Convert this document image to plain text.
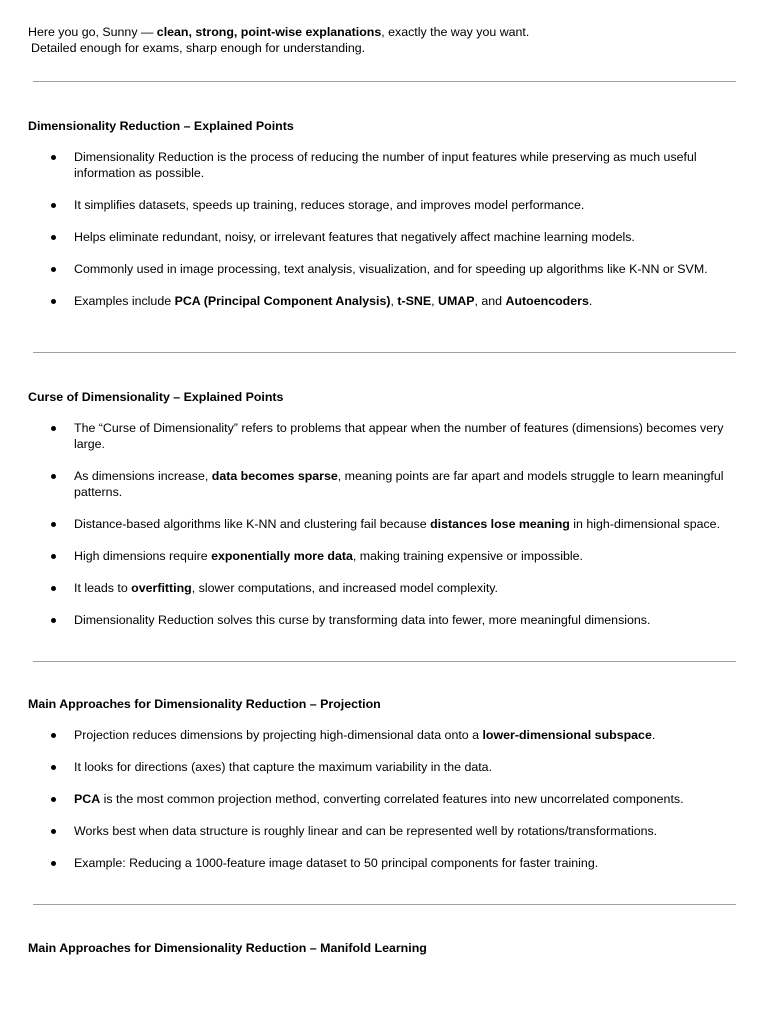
Here you go, Sunny — clean, strong, point-wise explanations, exactly the way you want.

Detailed enough for exams, sharp enough for understanding.

Dimensionality Reduction – Explained Points

Dimensionality Reduction is the process of reducing the number of input features while preserving as much useful information as possible.
It simplifies datasets, speeds up training, reduces storage, and improves model performance.
Helps eliminate redundant, noisy, or irrelevant features that negatively affect machine learning models.
Commonly used in image processing, text analysis, visualization, and for speeding up algorithms like K-NN or SVM.
Examples include PCA (Principal Component Analysis), t-SNE, UMAP, and Autoencoders.

Curse of Dimensionality – Explained Points

The “Curse of Dimensionality” refers to problems that appear when the number of features (dimensions) becomes very large.
As dimensions increase, data becomes sparse, meaning points are far apart and models struggle to learn meaningful patterns.
Distance-based algorithms like K-NN and clustering fail because distances lose meaning in high-dimensional space.
High dimensions require exponentially more data, making training expensive or impossible.
It leads to overfitting, slower computations, and increased model complexity.
Dimensionality Reduction solves this curse by transforming data into fewer, more meaningful dimensions.

Main Approaches for Dimensionality Reduction – Projection

Projection reduces dimensions by projecting high-dimensional data onto a lower-dimensional subspace.
It looks for directions (axes) that capture the maximum variability in the data.
PCA is the most common projection method, converting correlated features into new uncorrelated components.
Works best when data structure is roughly linear and can be represented well by rotations/transformations.
Example: Reducing a 1000-feature image dataset to 50 principal components for faster training.

Main Approaches for Dimensionality Reduction – Manifold Learning
